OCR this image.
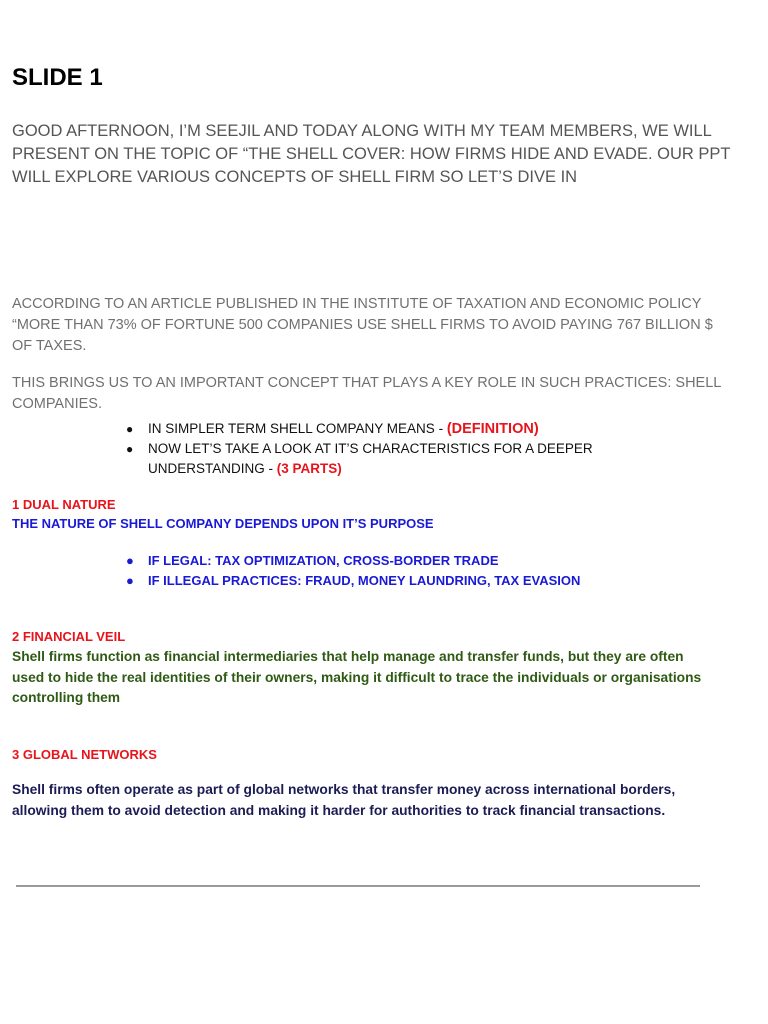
SLIDE 1

GOOD AFTERNOON, I’M SEEJIL AND TODAY ALONG WITH MY TEAM MEMBERS, WE WILL PRESENT ON THE TOPIC OF “THE SHELL COVER: HOW FIRMS HIDE AND EVADE. OUR PPT WILL EXPLORE VARIOUS CONCEPTS OF SHELL FIRM SO LET’S DIVE IN

ACCORDING TO AN ARTICLE PUBLISHED IN THE INSTITUTE OF TAXATION AND ECONOMIC POLICY “MORE THAN 73% OF FORTUNE 500 COMPANIES USE SHELL FIRMS TO AVOID PAYING 767 BILLION $ OF TAXES.

THIS BRINGS US TO AN IMPORTANT CONCEPT THAT PLAYS A KEY ROLE IN SUCH PRACTICES: SHELL COMPANIES.

● IN SIMPLER TERM SHELL COMPANY MEANS - (DEFINITION)
● NOW LET’S TAKE A LOOK AT IT’S CHARACTERISTICS FOR A DEEPER UNDERSTANDING - (3 PARTS)

1 DUAL NATURE

THE NATURE OF SHELL COMPANY DEPENDS UPON IT’S PURPOSE

● IF LEGAL: TAX OPTIMIZATION, CROSS-BORDER TRADE
● IF ILLEGAL PRACTICES: FRAUD, MONEY LAUNDRING, TAX EVASION

2 FINANCIAL VEIL

Shell firms function as financial intermediaries that help manage and transfer funds, but they are often used to hide the real identities of their owners, making it difficult to trace the individuals or organisations controlling them

3 GLOBAL NETWORKS

Shell firms often operate as part of global networks that transfer money across international borders, allowing them to avoid detection and making it harder for authorities to track financial transactions.
